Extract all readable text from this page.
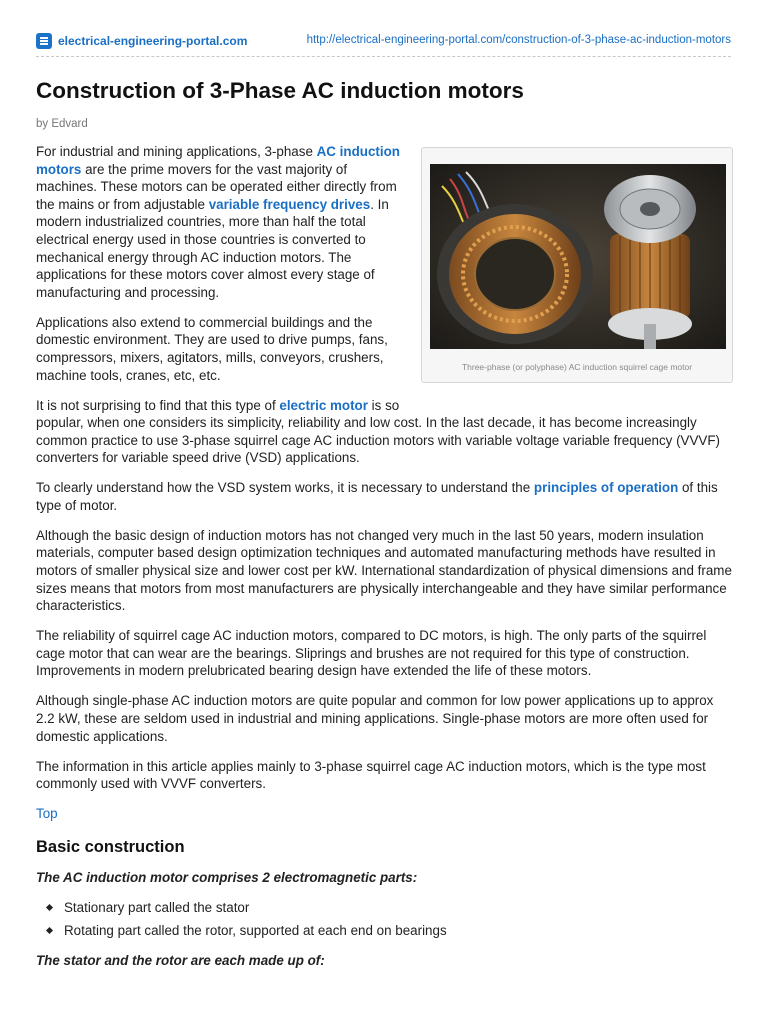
electrical-engineering-portal.com	http://electrical-engineering-portal.com/construction-of-3-phase-ac-induction-motors
Construction of 3-Phase AC induction motors
by Edvard
Three-phase (or polyphase) AC induction squirrel cage motor

For industrial and mining applications, 3-phase AC induction motors are the prime movers for the vast majority of machines. These motors can be operated either directly from the mains or from adjustable variable frequency drives. In modern industrialized countries, more than half the total electrical energy used in those countries is converted to mechanical energy through AC induction motors. The applications for these motors cover almost every stage of manufacturing and processing.

Applications also extend to commercial buildings and the domestic environment. They are used to drive pumps, fans, compressors, mixers, agitators, mills, conveyors, crushers, machine tools, cranes, etc, etc.

It is not surprising to find that this type of electric motor is so popular, when one considers its simplicity, reliability and low cost. In the last decade, it has become increasingly common practice to use 3-phase squirrel cage AC induction motors with variable voltage variable frequency (VVVF) converters for variable speed drive (VSD) applications.

To clearly understand how the VSD system works, it is necessary to understand the principles of operation of this type of motor.

Although the basic design of induction motors has not changed very much in the last 50 years, modern insulation materials, computer based design optimization techniques and automated manufacturing methods have resulted in motors of smaller physical size and lower cost per kW. International standardization of physical dimensions and frame sizes means that motors from most manufacturers are physically interchangeable and they have similar performance characteristics.

The reliability of squirrel cage AC induction motors, compared to DC motors, is high. The only parts of the squirrel cage motor that can wear are the bearings. Sliprings and brushes are not required for this type of construction. Improvements in modern prelubricated bearing design have extended the life of these motors.

Although single-phase AC induction motors are quite popular and common for low power applications up to approx 2.2 kW, these are seldom used in industrial and mining applications. Single-phase motors are more often used for domestic applications.

The information in this article applies mainly to 3-phase squirrel cage AC induction motors, which is the type most commonly used with VVVF converters.

Top

Basic construction

The AC induction motor comprises 2 electromagnetic parts:

Stationary part called the stator
Rotating part called the rotor, supported at each end on bearings

The stator and the rotor are each made up of:
